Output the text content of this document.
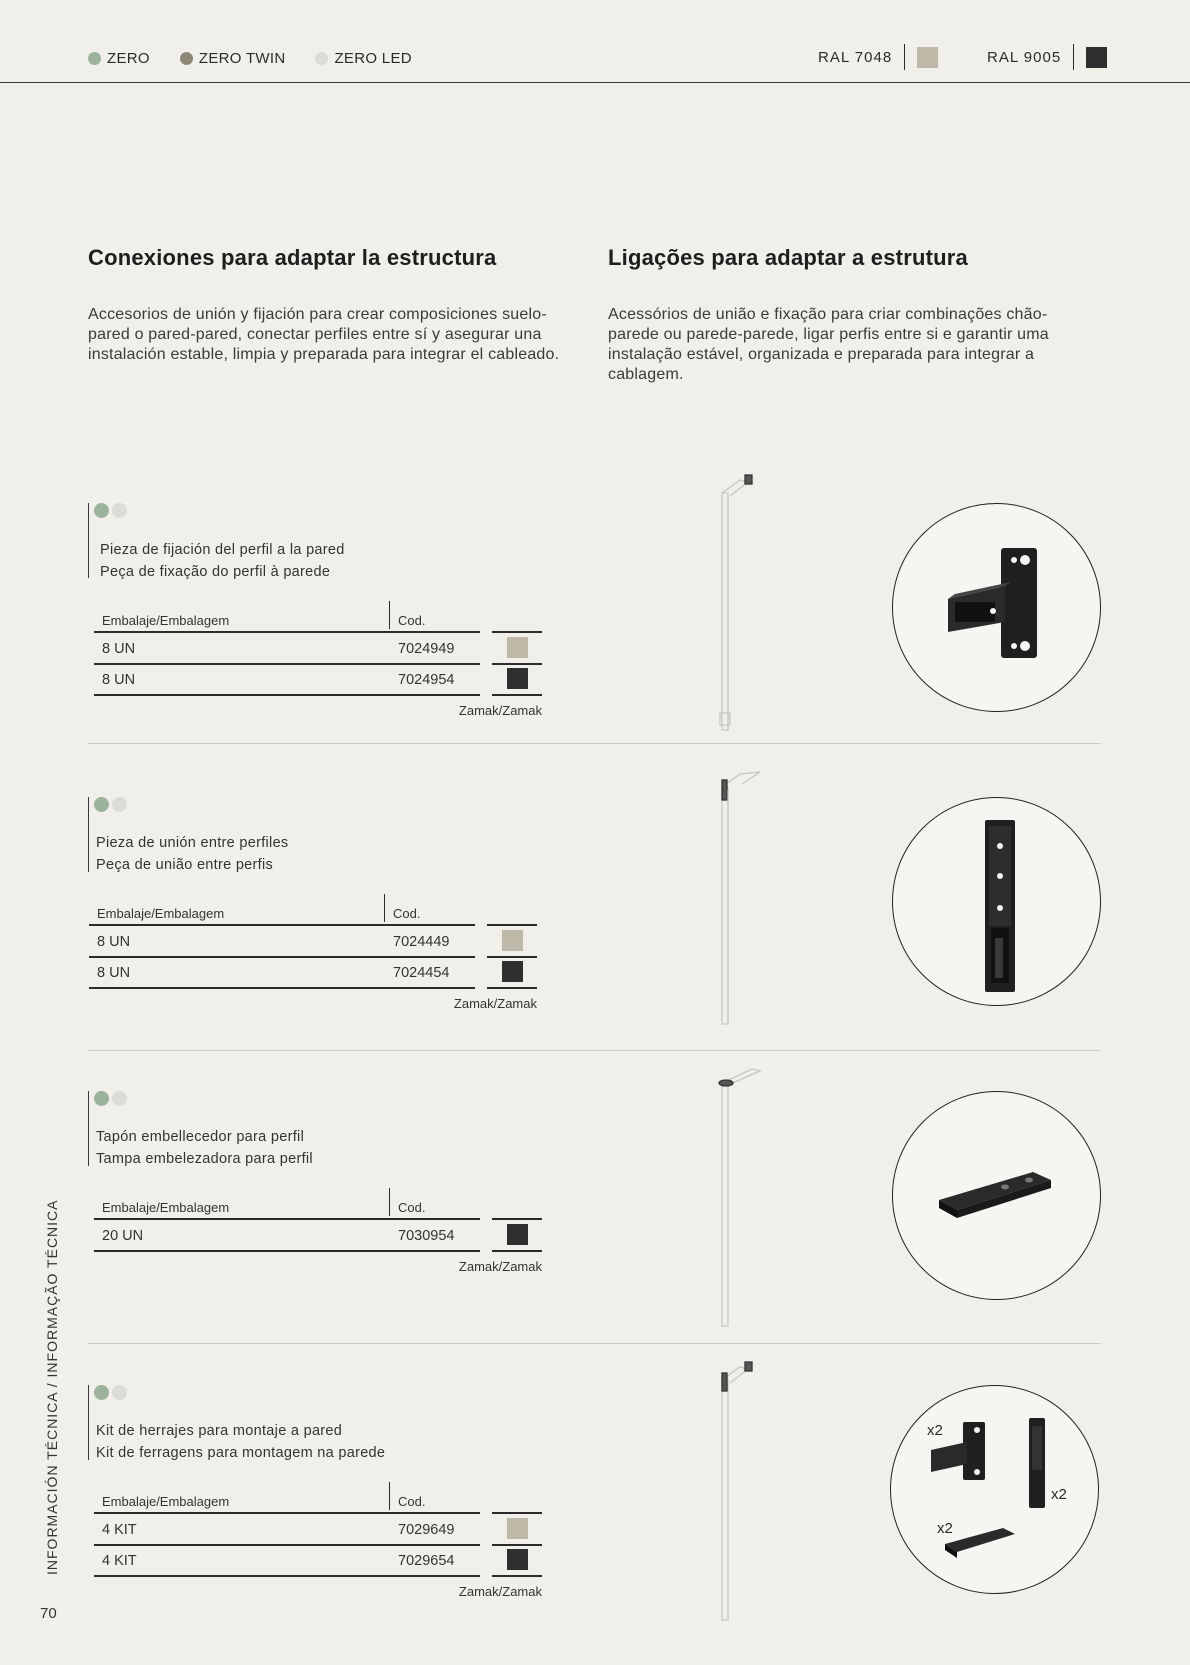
ZERO	ZERO TWIN	ZERO LED	RAL 7048	RAL 9005
Conexiones para adaptar la estructura
Accesorios de unión y fijación para crear composiciones suelo-pared o pared-pared, conectar perfiles entre sí y asegurar una instalación estable, limpia y preparada para integrar el cableado.
Ligações para adaptar a estrutura
Acessórios de união e fixação para criar combinações chão-parede ou parede-parede, ligar perfis entre si e garantir uma instalação estável, organizada e preparada para integrar a cablagem.
Pieza de fijación del perfil a la pared
Peça de fixação do perfil à parede
Embalaje/Embalagem	Cod.
8 UN	7024949
8 UN	7024954
Zamak/Zamak
Pieza de unión entre perfiles
Peça de união entre perfis
Embalaje/Embalagem	Cod.
8 UN	7024449
8 UN	7024454
Zamak/Zamak
Tapón embellecedor para perfil
Tampa embelezadora para perfil
Embalaje/Embalagem	Cod.
20 UN	7030954
Zamak/Zamak
Kit de herrajes para montaje a pared
Kit de ferragens para montagem na parede
Embalaje/Embalagem	Cod.
4 KIT	7029649
4 KIT	7029654
Zamak/Zamak
x2
x2
x2
INFORMACIÓN TÉCNICA / INFORMAÇÃO TÉCNICA
70
